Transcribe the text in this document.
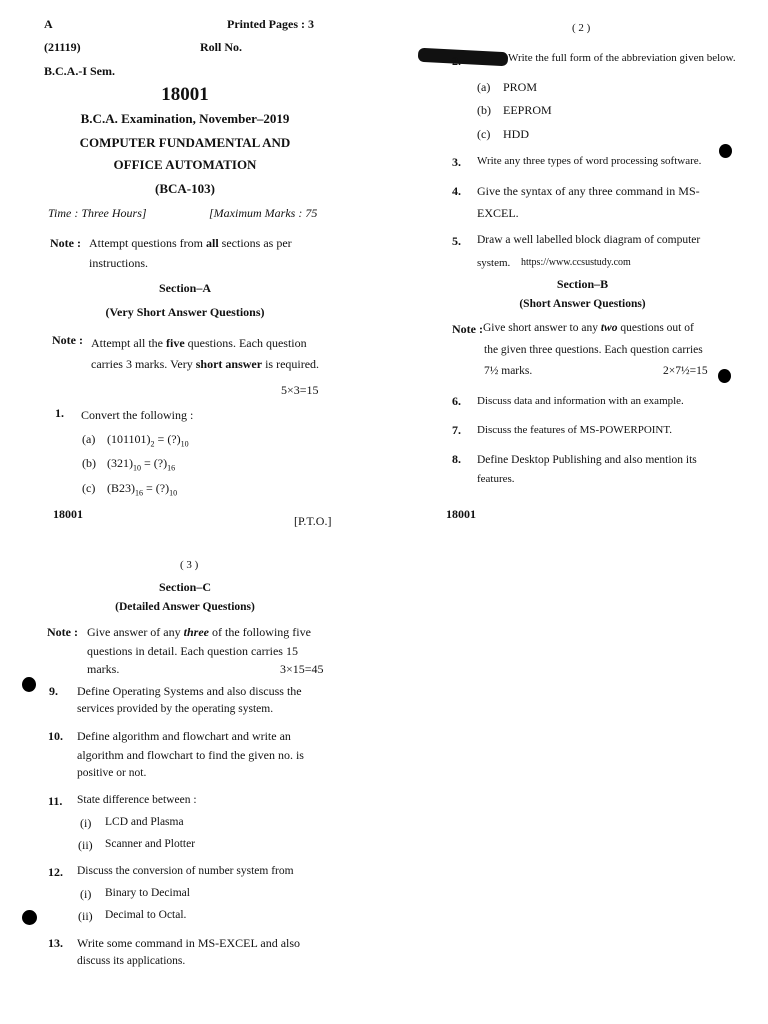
A	Printed Pages : 3
(21119)	Roll No.
B.C.A.-I Sem.
18001
B.C.A. Examination, November–2019
COMPUTER FUNDAMENTAL AND
OFFICE AUTOMATION
(BCA-103)
Time : Three Hours]	[Maximum Marks : 75
Note : Attempt questions from all sections as per
instructions.
Section–A
(Very Short Answer Questions)
Note : Attempt all the five questions. Each question
carries 3 marks. Very short answer is required.
5×3=15
1. Convert the following :
(a) $(101101)_2$ = $(?)_{10}$
(b) $(321)_{10}$ = $(?)_{16}$
(c) $(B23)_{16}$ = $(?)_{10}$
18001	[P.T.O.]
( 2 )
2.	Write the full form of the abbreviation given below.
(a) PROM
(b) EEPROM
(c) HDD
3. Write any three types of word processing software.
4. Give the syntax of any three command in MS-
EXCEL.
5. Draw a well labelled block diagram of computer
system. https://www.ccsustudy.com
Section–B
(Short Answer Questions)
Note : Give short answer to any two questions out of
the given three questions. Each question carries
7½ marks.	2×7½=15
6. Discuss data and information with an example.
7. Discuss the features of MS-POWERPOINT.
8. Define Desktop Publishing and also mention its
features.
18001
( 3 )
Section–C
(Detailed Answer Questions)
Note : Give answer of any three of the following five
questions in detail. Each question carries 15
marks.	3×15=45
9. Define Operating Systems and also discuss the
services provided by the operating system.
10. Define algorithm and flowchart and write an
algorithm and flowchart to find the given no. is
positive or not.
11. State difference between :
(i) LCD and Plasma
(ii) Scanner and Plotter
12. Discuss the conversion of number system from
(i) Binary to Decimal
(ii) Decimal to Octal.
13. Write some command in MS-EXCEL and also
discuss its applications.
